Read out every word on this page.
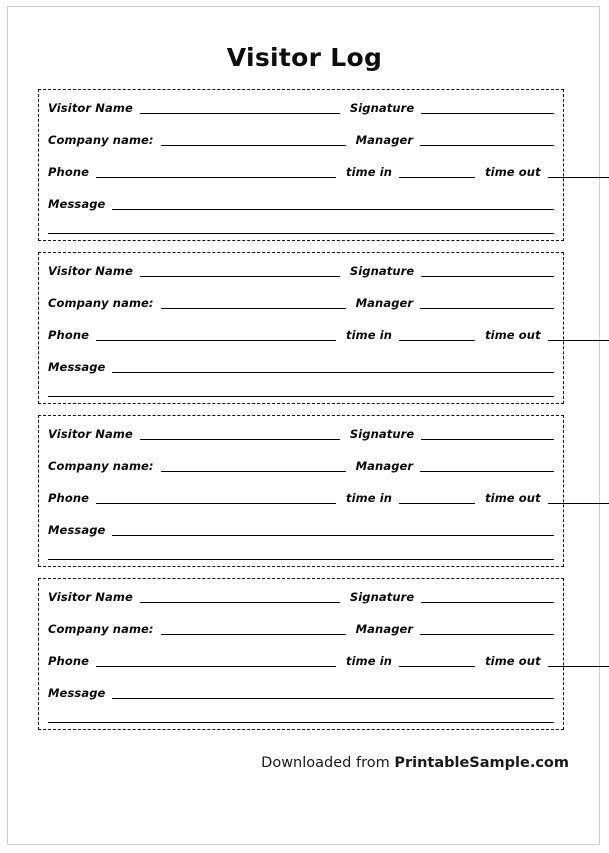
Visitor Log
Visitor Name	Signature
Company name:	Manager
Phone	time in	time out
Message
Visitor Name	Signature
Company name:	Manager
Phone	time in	time out
Message
Visitor Name	Signature
Company name:	Manager
Phone	time in	time out
Message
Visitor Name	Signature
Company name:	Manager
Phone	time in	time out
Message
Downloaded from PrintableSample.com
